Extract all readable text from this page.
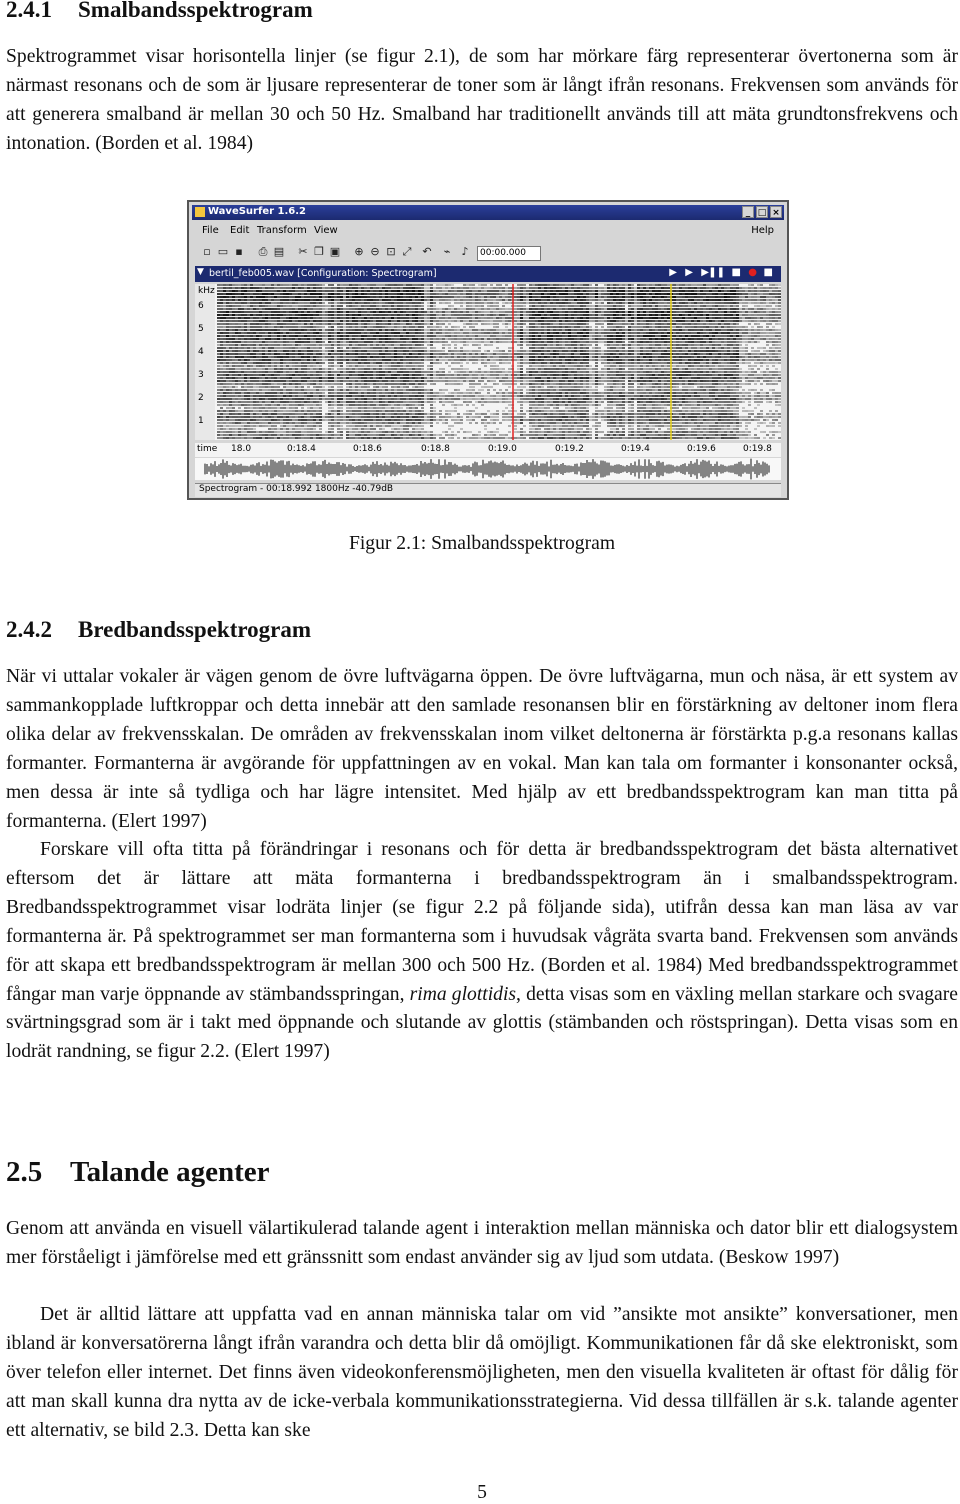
2.4.1 Smalbandsspektrogram

Spektrogrammet visar horisontella linjer (se figur 2.1), de som har mörkare färg representerar övertonerna som är närmast resonans och de som är ljusare representerar de toner som är långt ifrån resonans. Frekvensen som används för att generera smalband är mellan 30 och 50 Hz. Smalband har traditionellt används till att mäta grundtonsfrekvens och intonation. (Borden et al. 1984)

WaveSurfer 1.6.2	_ □ ×
File Edit Transform View	Help
▫ ▭ ▪ ⎙ ▤ ✂ ❐ ▣ ⊕ ⊖ ⊡ ⤢ ↶	⌁	♪	00:00.000
▼ bertil_feb005.wav [Configuration: Spectrogram]	▶ ▶ ▶ ❚❚ ■ ● ■
kHz
6
5
4
3
2
1
time 18.0	0:18.4	0:18.6	0:18.8	0:19.0	0:19.2	0:19.4	0:19.6	0:19.8
Spectrogram - 00:18.992 1800Hz -40.79dB
Figur 2.1: Smalbandsspektrogram
2.4.2 Bredbandsspektrogram

När vi uttalar vokaler är vägen genom de övre luftvägarna öppen. De övre luftvägarna, mun och näsa, är ett system av sammankopplade luftkroppar och detta innebär att den samlade resonansen blir en förstärkning av deltoner inom flera olika delar av frekvensskalan. De områden av frekvensskalan inom vilket deltonerna är förstärkta p.g.a resonans kallas formanter. Formanterna är avgörande för uppfattningen av en vokal. Man kan tala om formanter i konsonanter också, men dessa är inte så tydliga och har lägre intensitet. Med hjälp av ett bredbandsspektrogram kan man titta på formanterna. (Elert 1997)

Forskare vill ofta titta på förändringar i resonans och för detta är bredbandsspektrogram det bästa alternativet eftersom det är lättare att mäta formanterna i bredbandsspektrogram än i smalbandsspektrogram. Bredbandsspektrogrammet visar lodräta linjer (se figur 2.2 på följande sida), utifrån dessa kan man läsa av var formanterna är. På spektrogrammet ser man formanterna som i huvudsak vågräta svarta band. Frekvensen som används för att skapa ett bredbandsspektrogram är mellan 300 och 500 Hz. (Borden et al. 1984) Med bredbandsspektrogrammet fångar man varje öppnande av stämbandsspringan, rima glottidis, detta visas som en växling mellan starkare och svagare svärtningsgrad som är i takt med öppnande och slutande av glottis (stämbanden och röstspringan). Detta visas som en lodrät randning, se figur 2.2. (Elert 1997)

2.5 Talande agenter

Genom att använda en visuell välartikulerad talande agent i interaktion mellan människa och dator blir ett dialogsystem mer förståeligt i jämförelse med ett gränssnitt som endast använder sig av ljud som utdata. (Beskow 1997)

Det är alltid lättare att uppfatta vad en annan människa talar om vid ”ansikte mot ansikte” konversationer, men ibland är konversatörerna långt ifrån varandra och detta blir då omöjligt. Kommunikationen får då ske elektroniskt, som över telefon eller internet. Det finns även videokonferensmöjligheten, men den visuella kvaliteten är oftast för dålig för att man skall kunna dra nytta av de icke-verbala kommunikationsstrategierna. Vid dessa tillfällen är s.k. talande agenter ett alternativ, se bild 2.3. Detta kan ske

5
